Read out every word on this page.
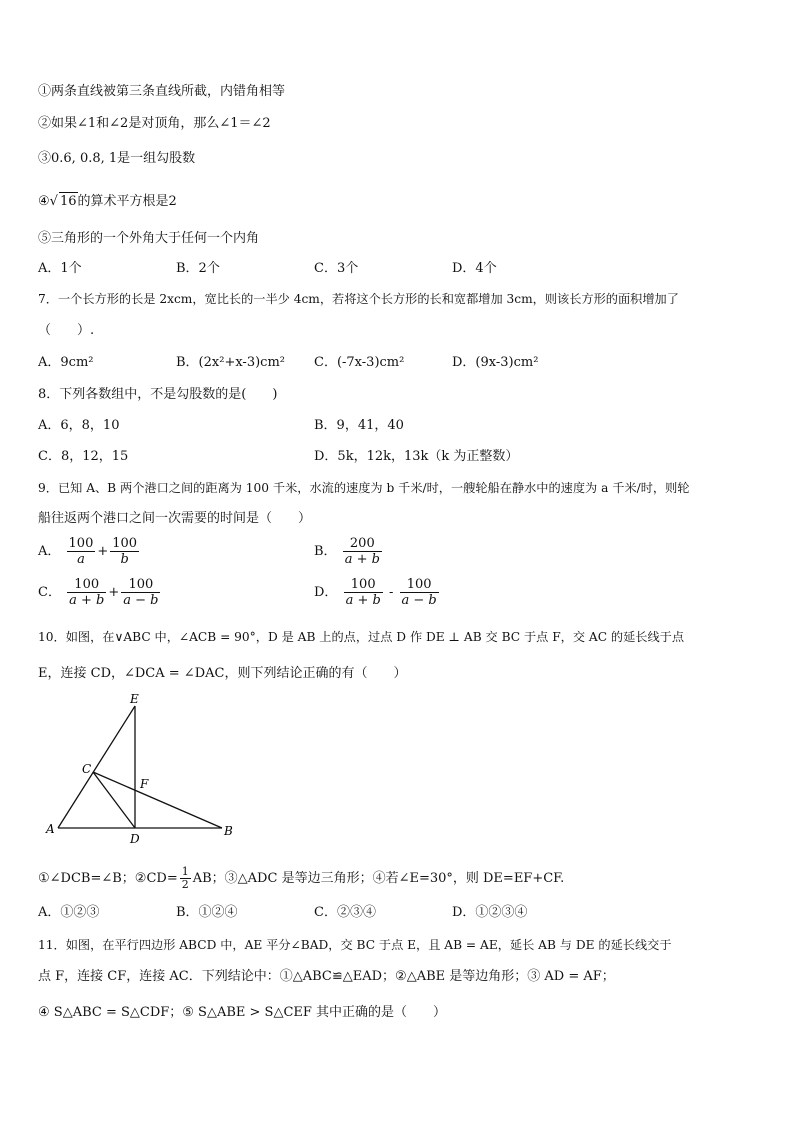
①两条直线被第三条直线所截，内错角相等
②如果∠1和∠2是对顶角，那么∠1＝∠2
③0.6, 0.8, 1是一组勾股数
④√ 16的算术平方根是2
⑤三角形的一个外角大于任何一个内角
A．1个	B．2个	C．3个	D．4个
7．一个长方形的长是 2xcm，宽比长的一半少 4cm，若将这个长方形的长和宽都增加 3cm，则该长方形的面积增加了
（　　）.
A．9cm²	B．(2x²+x-3)cm² C．(-7x-3)cm²	D．(9x-3)cm²
8．下列各数组中，不是勾股数的是(　　)
A．6，8，10	B．9，41，40
C．8，12，15	D．5k，12k，13k（k 为正整数）
9．已知 A、B 两个港口之间的距离为 100 千米，水流的速度为 b 千米/时，一艘轮船在静水中的速度为 a 千米/时，则轮
船往返两个港口之间一次需要的时间是（　　）
A． $\frac{100}{a} + \frac{100}{b}$	B． $\frac{200}{a + b}$
C． $\frac{100}{a + b} + \frac{100}{a - b}$	D． $\frac{100}{a + b} - \frac{100}{a - b}$
10．如图，在∨ABC 中，∠ACB = 90°，D 是 AB 上的点，过点 D 作 DE ⊥ AB 交 BC 于点 F，交 AC 的延长线于点
E，连接 CD，∠DCA = ∠DAC，则下列结论正确的有（　　）
E
C
F
A
D
B
①∠DCB=∠B；②CD= $\frac{1}{2}$ AB；③△ADC 是等边三角形；④若∠E=30°，则 DE=EF+CF.
A．①②③	B．①②④	C．②③④	D．①②③④
11．如图，在平行四边形 ABCD 中，AE 平分∠BAD，交 BC 于点 E，且 AB = AE，延长 AB 与 DE 的延长线交于
点 F，连接 CF，连接 AC．下列结论中：①△ABC≌△EAD；②△ABE 是等边角形；③ AD = AF；
④ S△ABC = S△CDF；⑤ S△ABE > S△CEF 其中正确的是（　　）
